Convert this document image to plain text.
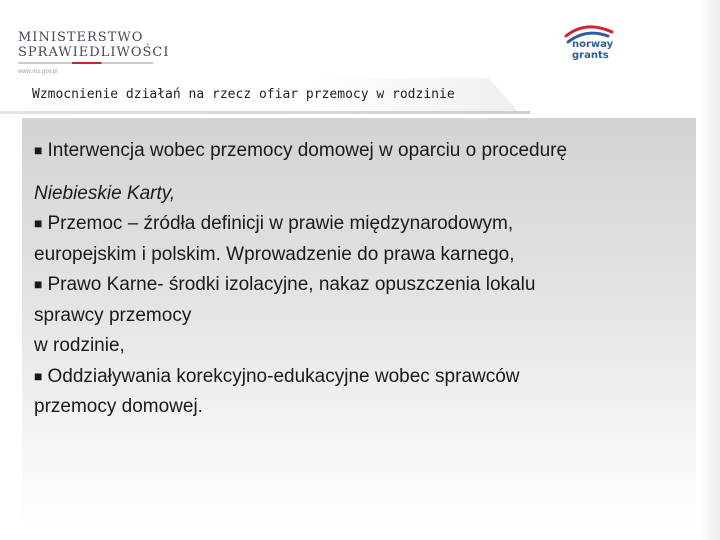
MINISTERSTWO
SPRAWIEDLIWOŚCI
www.ms.gov.pl
Wzmocnienie działań na rzecz ofiar przemocy w rodzinie
norway
grants

■ Interwencja wobec przemocy domowej w oparciu o procedurę

Niebieskie Karty,

■ Przemoc – źródła definicji w prawie międzynarodowym,

europejskim i polskim. Wprowadzenie do prawa karnego,

■ Prawo Karne- środki izolacyjne, nakaz opuszczenia lokalu

sprawcy przemocy

w rodzinie,

■ Oddziaływania korekcyjno-edukacyjne wobec sprawców

przemocy domowej.
